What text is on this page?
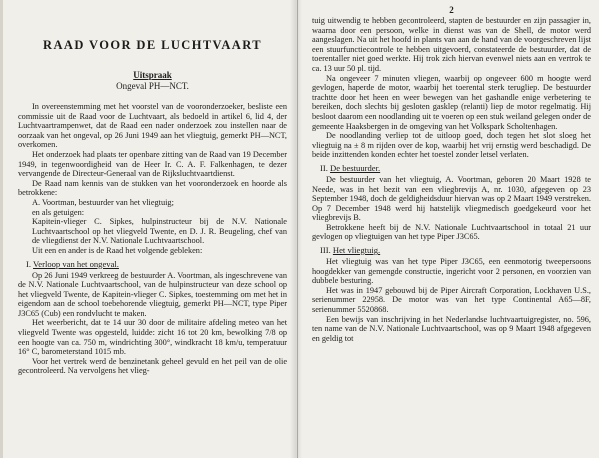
RAAD VOOR DE LUCHTVAART

Uitspraak

Ongeval PH—NCT.

In overeenstemming met het voorstel van de vooronderzoeker, besliste een commissie uit de Raad voor de Luchtvaart, als bedoeld in artikel 6, lid 4, der Luchtvaartrampenwet, dat de Raad een nader onderzoek zou instellen naar de oorzaak van het ongeval, op 26 Juni 1949 aan het vliegtuig, gemerkt PH—NCT, overkomen.

Het onderzoek had plaats ter openbare zitting van de Raad van 19 December 1949, in tegenwoordigheid van de Heer Ir. C. A. F. Falkenhagen, te dezer vervangende de Directeur-Generaal van de Rijksluchtvaartdienst.

De Raad nam kennis van de stukken van het vooronderzoek en hoorde als betrokkene:

A. Voortman, bestuurder van het vliegtuig;

en als getuigen:

Kapitein-vlieger C. Sipkes, hulpinstructeur bij de N.V. Nationale Luchtvaartschool op het vliegveld Twente, en D. J. R. Beugeling, chef van de vliegdienst der N.V. Nationale Luchtvaartschool.

Uit een en ander is de Raad het volgende gebleken:

I. Verloop van het ongeval.

Op 26 Juni 1949 verkreeg de bestuurder A. Voortman, als ingeschrevene van de N.V. Nationale Luchtvaartschool, van de hulpinstructeur van deze school op het vliegveld Twente, de Kapitein-vlieger C. Sipkes, toestemming om met het in eigendom aan de school toebehorende vliegtuig, gemerkt PH—NCT, type Piper J3C65 (Cub) een rondvlucht te maken.

Het weerbericht, dat te 14 uur 30 door de militaire afdeling meteo van het vliegveld Twente was opgesteld, luidde: zicht 16 tot 20 km, bewolking 7/8 op een hoogte van ca. 750 m, windrichting 300°, windkracht 18 km/u, temperatuur 16° C, barometerstand 1015 mb.

Voor het vertrek werd de benzinetank geheel gevuld en het peil van de olie gecontroleerd. Na vervolgens het vlieg-

2

tuig uitwendig te hebben gecontroleerd, stapten de bestuurder en zijn passagier in, waarna door een persoon, welke in dienst was van de Shell, de motor werd aangeslagen. Na uit het hoofd in plants van aan de hand van de voorgeschreven lijst een stuurfunctiecontrole te hebben uitgevoerd, constateerde de bestuurder, dat de toerentaller niet goed werkte. Hij trok zich hiervan evenwel niets aan en vertrok te ca. 13 uur 50 pl. tijd.

Na ongeveer 7 minuten vliegen, waarbij op ongeveer 600 m hoogte werd gevlogen, haperde de motor, waarbij het toerental sterk terugliep. De bestuurder trachtte door het heen en weer bewegen van het gashandle enige verbetering te bereiken, doch slechts bij gesloten gasklep (relanti) liep de motor regelmatig. Hij besloot daarom een noodlanding uit te voeren op een stuk weiland gelegen onder de gemeente Haaksbergen in de omgeving van het Volkspark Scholtenhagen.

De noodlanding verliep tot de uitloop goed, doch tegen het slot sloeg het vliegtuig na ± 8 m rijden over de kop, waarbij het vrij ernstig werd beschadigd. De beide inzittenden konden echter het toestel zonder letsel verlaten.

II. De bestuurder.

De bestuurder van het vliegtuig, A. Voortman, geboren 20 Maart 1928 te Neede, was in het bezit van een vliegbrevijs A, nr. 1030, afgegeven op 23 September 1948, doch de geldigheidsduur hiervan was op 2 Maart 1949 verstreken. Op 7 December 1948 werd hij hatstelijk vliegmedisch goedgekeurd voor het vliegbrevijs B.

Betrokkene heeft bij de N.V. Nationale Luchtvaartschool in totaal 21 uur gevlogen op vliegtuigen van het type Piper J3C65.

III. Het vliegtuig.

Het vliegtuig was van het type Piper J3C65, een eenmotorig tweepersoons hoogdekker van gemengde constructie, ingericht voor 2 personen, en voorzien van dubbele besturing.

Het was in 1947 gebouwd bij de Piper Aircraft Corporation, Lockhaven U.S., serienummer 22958. De motor was van het type Continental A65—8F, serienummer 5520868.

Een bewijs van inschrijving in het Nederlandse luchtvaartuigregister, no. 596, ten name van de N.V. Nationale Luchtvaartschool, was op 9 Maart 1948 afgegeven en geldig tot
